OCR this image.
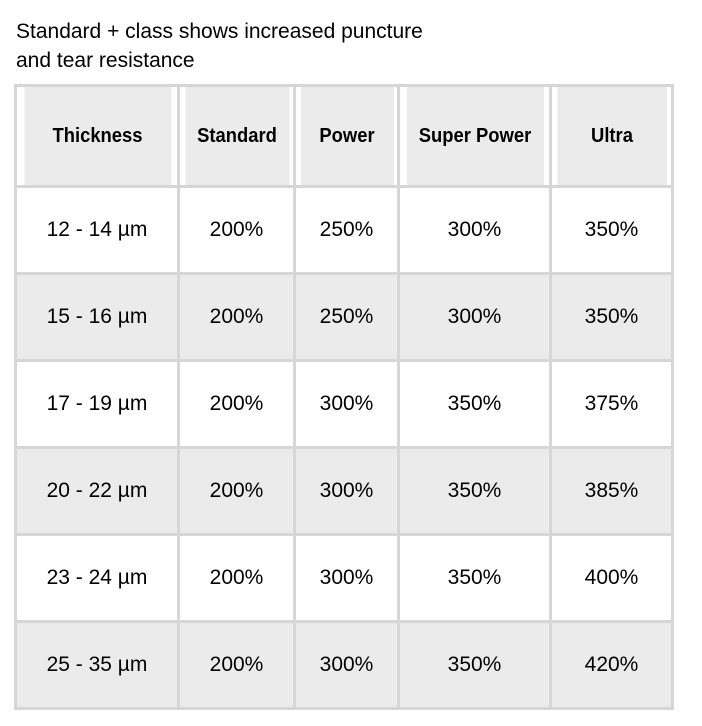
Standard + class shows increased puncture
and tear resistance
Thickness	Standard	Power	Super Power	Ultra
12 - 14 µm	200%	250%	300%	350%
15 - 16 µm	200%	250%	300%	350%
17 - 19 µm	200%	300%	350%	375%
20 - 22 µm	200%	300%	350%	385%
23 - 24 µm	200%	300%	350%	400%
25 - 35 µm	200%	300%	350%	420%
